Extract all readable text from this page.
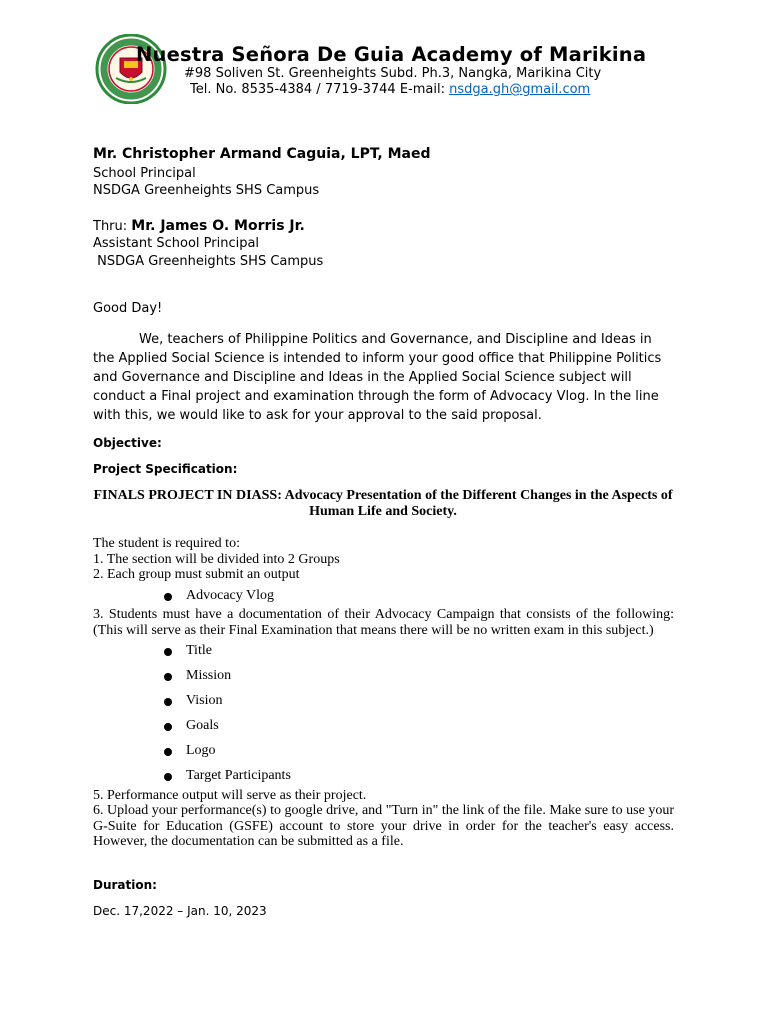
Nuestra Señora De Guia Academy of Marikina
#98 Soliven St. Greenheights Subd. Ph.3, Nangka, Marikina City
Tel. No. 8535-4384 / 7719-3744 E-mail: nsdga.gh@gmail.com
Mr. Christopher Armand Caguia, LPT, Maed
School Principal
NSDGA Greenheights SHS Campus
Thru: Mr. James O. Morris Jr.
Assistant School Principal
NSDGA Greenheights SHS Campus
Good Day!
We, teachers of Philippine Politics and Governance, and Discipline and Ideas in the Applied Social Science is intended to inform your good office that Philippine Politics and Governance and Discipline and Ideas in the Applied Social Science subject will conduct a Final project and examination through the form of Advocacy Vlog. In the line with this, we would like to ask for your approval to the said proposal.
Objective:
Project Specification:
FINALS PROJECT IN DIASS: Advocacy Presentation of the Different Changes in the Aspects of Human Life and Society.
The student is required to:
1. The section will be divided into 2 Groups
2. Each group must submit an output
Advocacy Vlog
3. Students must have a documentation of their Advocacy Campaign that consists of the following: (This will serve as their Final Examination that means there will be no written exam in this subject.)
Title
Mission
Vision
Goals
Logo
Target Participants
5. Performance output will serve as their project.
6. Upload your performance(s) to google drive, and "Turn in" the link of the file. Make sure to use your G-Suite for Education (GSFE) account to store your drive in order for the teacher's easy access. However, the documentation can be submitted as a file.
Duration:
Dec. 17,2022 – Jan. 10, 2023
